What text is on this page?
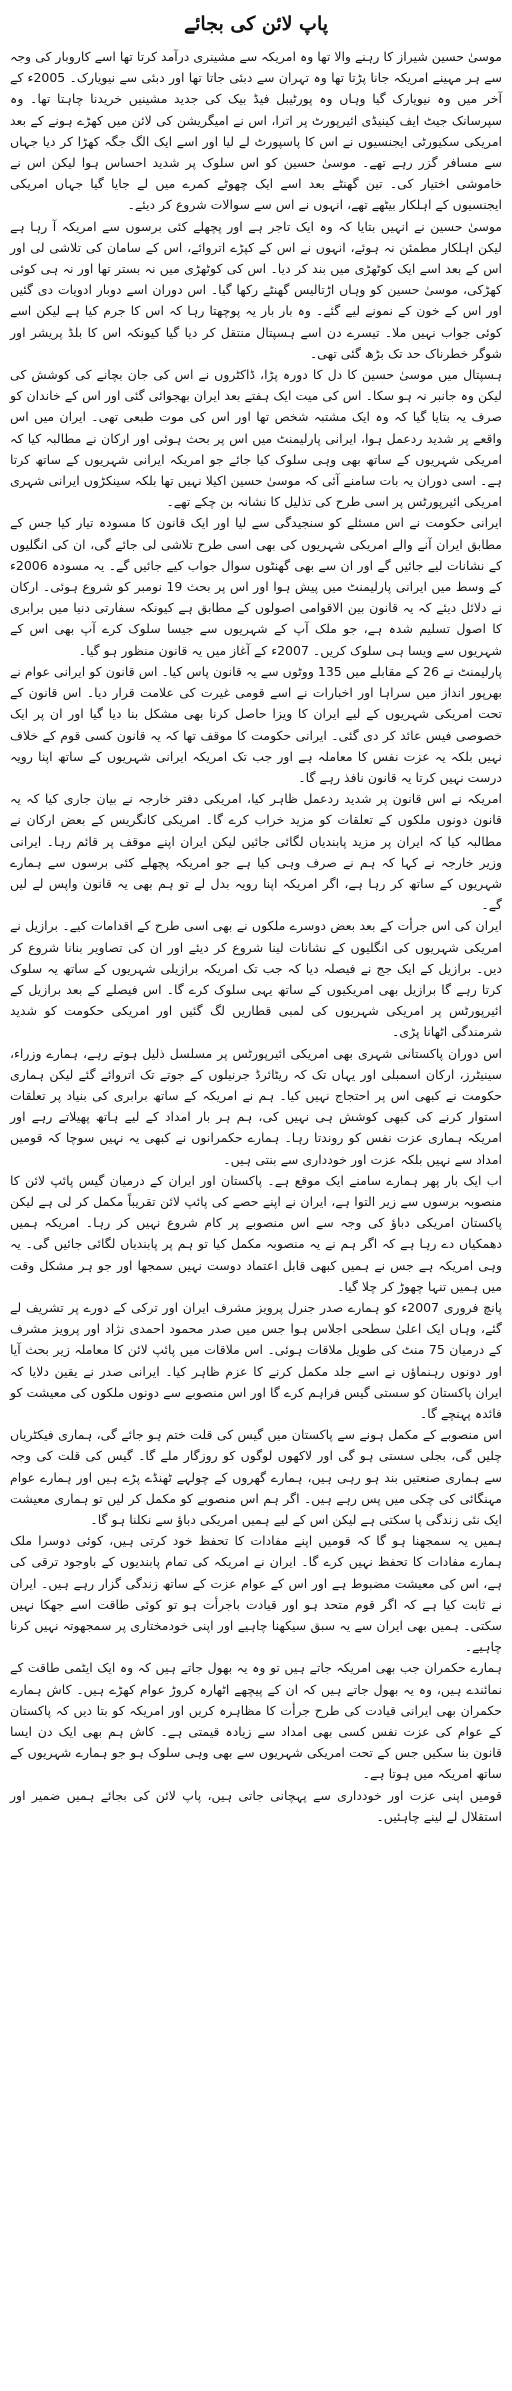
پاپ لائن کی بجائے

موسیٰ حسین شیراز کا رہنے والا تھا وہ امریکہ سے مشینری درآمد کرتا تھا اسے کاروبار کی وجہ سے ہر مہینے امریکہ جانا پڑتا تھا وہ تہران سے دبئی جاتا تھا اور دبئی سے نیویارک۔ 2005ء کے آخر میں وہ نیویارک گیا وہاں وہ پورٹیبل فیڈ بیک کی جدید مشینیں خریدنا چاہتا تھا۔ وہ سپرسانک جیٹ ایف کینیڈی ائیرپورٹ پر اترا، اس نے امیگریشن کی لائن میں کھڑے ہونے کے بعد امریکی سکیورٹی ایجنسیوں نے اس کا پاسپورٹ لے لیا اور اسے ایک الگ جگہ کھڑا کر دیا جہاں سے مسافر گزر رہے تھے۔ موسیٰ حسین کو اس سلوک پر شدید احساس ہوا لیکن اس نے خاموشی اختیار کی۔ تین گھنٹے بعد اسے ایک چھوٹے کمرے میں لے جایا گیا جہاں امریکی ایجنسیوں کے اہلکار بیٹھے تھے، انہوں نے اس سے سوالات شروع کر دیئے۔

موسیٰ حسین نے انہیں بتایا کہ وہ ایک تاجر ہے اور پچھلے کئی برسوں سے امریکہ آ رہا ہے لیکن اہلکار مطمئن نہ ہوئے، انہوں نے اس کے کپڑے اتروائے، اس کے سامان کی تلاشی لی اور اس کے بعد اسے ایک کوٹھڑی میں بند کر دیا۔ اس کی کوٹھڑی میں نہ بستر تھا اور نہ ہی کوئی کھڑکی، موسیٰ حسین کو وہاں اڑتالیس گھنٹے رکھا گیا۔ اس دوران اسے دوبار ادویات دی گئیں اور اس کے خون کے نمونے لیے گئے۔ وہ بار بار یہ پوچھتا رہا کہ اس کا جرم کیا ہے لیکن اسے کوئی جواب نہیں ملا۔ تیسرے دن اسے ہسپتال منتقل کر دیا گیا کیونکہ اس کا بلڈ پریشر اور شوگر خطرناک حد تک بڑھ گئی تھی۔

ہسپتال میں موسیٰ حسین کا دل کا دورہ پڑا، ڈاکٹروں نے اس کی جان بچانے کی کوشش کی لیکن وہ جانبر نہ ہو سکا۔ اس کی میت ایک ہفتے بعد ایران بھجوائی گئی اور اس کے خاندان کو صرف یہ بتایا گیا کہ وہ ایک مشتبہ شخص تھا اور اس کی موت طبعی تھی۔ ایران میں اس واقعے پر شدید ردعمل ہوا، ایرانی پارلیمنٹ میں اس پر بحث ہوئی اور ارکان نے مطالبہ کیا کہ امریکی شہریوں کے ساتھ بھی وہی سلوک کیا جائے جو امریکہ ایرانی شہریوں کے ساتھ کرتا ہے۔ اسی دوران یہ بات سامنے آئی کہ موسیٰ حسین اکیلا نہیں تھا بلکہ سینکڑوں ایرانی شہری امریکی ائیرپورٹس پر اسی طرح کی تذلیل کا نشانہ بن چکے تھے۔

ایرانی حکومت نے اس مسئلے کو سنجیدگی سے لیا اور ایک قانون کا مسودہ تیار کیا جس کے مطابق ایران آنے والے امریکی شہریوں کی بھی اسی طرح تلاشی لی جائے گی، ان کی انگلیوں کے نشانات لیے جائیں گے اور ان سے بھی گھنٹوں سوال جواب کیے جائیں گے۔ یہ مسودہ 2006ء کے وسط میں ایرانی پارلیمنٹ میں پیش ہوا اور اس پر بحث 19 نومبر کو شروع ہوئی۔ ارکان نے دلائل دیئے کہ یہ قانون بین الاقوامی اصولوں کے مطابق ہے کیونکہ سفارتی دنیا میں برابری کا اصول تسلیم شدہ ہے، جو ملک آپ کے شہریوں سے جیسا سلوک کرے آپ بھی اس کے شہریوں سے ویسا ہی سلوک کریں۔ 2007ء کے آغاز میں یہ قانون منظور ہو گیا۔

پارلیمنٹ نے 26 کے مقابلے میں 135 ووٹوں سے یہ قانون پاس کیا۔ اس قانون کو ایرانی عوام نے بھرپور انداز میں سراہا اور اخبارات نے اسے قومی غیرت کی علامت قرار دیا۔ اس قانون کے تحت امریکی شہریوں کے لیے ایران کا ویزا حاصل کرنا بھی مشکل بنا دیا گیا اور ان پر ایک خصوصی فیس عائد کر دی گئی۔ ایرانی حکومت کا موقف تھا کہ یہ قانون کسی قوم کے خلاف نہیں بلکہ یہ عزت نفس کا معاملہ ہے اور جب تک امریکہ ایرانی شہریوں کے ساتھ اپنا رویہ درست نہیں کرتا یہ قانون نافذ رہے گا۔

امریکہ نے اس قانون پر شدید ردعمل ظاہر کیا، امریکی دفتر خارجہ نے بیان جاری کیا کہ یہ قانون دونوں ملکوں کے تعلقات کو مزید خراب کرے گا۔ امریکی کانگریس کے بعض ارکان نے مطالبہ کیا کہ ایران پر مزید پابندیاں لگائی جائیں لیکن ایران اپنے موقف پر قائم رہا۔ ایرانی وزیر خارجہ نے کہا کہ ہم نے صرف وہی کیا ہے جو امریکہ پچھلے کئی برسوں سے ہمارے شہریوں کے ساتھ کر رہا ہے، اگر امریکہ اپنا رویہ بدل لے تو ہم بھی یہ قانون واپس لے لیں گے۔

ایران کی اس جرأت کے بعد بعض دوسرے ملکوں نے بھی اسی طرح کے اقدامات کیے۔ برازیل نے امریکی شہریوں کی انگلیوں کے نشانات لینا شروع کر دیئے اور ان کی تصاویر بنانا شروع کر دیں۔ برازیل کے ایک جج نے فیصلہ دیا کہ جب تک امریکہ برازیلی شہریوں کے ساتھ یہ سلوک کرتا رہے گا برازیل بھی امریکیوں کے ساتھ یہی سلوک کرے گا۔ اس فیصلے کے بعد برازیل کے ائیرپورٹس پر امریکی شہریوں کی لمبی قطاریں لگ گئیں اور امریکی حکومت کو شدید شرمندگی اٹھانا پڑی۔

اس دوران پاکستانی شہری بھی امریکی ائیرپورٹس پر مسلسل ذلیل ہوتے رہے، ہمارے وزراء، سینیٹرز، ارکان اسمبلی اور یہاں تک کہ ریٹائرڈ جرنیلوں کے جوتے تک اتروائے گئے لیکن ہماری حکومت نے کبھی اس پر احتجاج نہیں کیا۔ ہم نے امریکہ کے ساتھ برابری کی بنیاد پر تعلقات استوار کرنے کی کبھی کوشش ہی نہیں کی، ہم ہر بار امداد کے لیے ہاتھ پھیلاتے رہے اور امریکہ ہماری عزت نفس کو روندتا رہا۔ ہمارے حکمرانوں نے کبھی یہ نہیں سوچا کہ قومیں امداد سے نہیں بلکہ عزت اور خودداری سے بنتی ہیں۔

اب ایک بار پھر ہمارے سامنے ایک موقع ہے۔ پاکستان اور ایران کے درمیان گیس پائپ لائن کا منصوبہ برسوں سے زیر التوا ہے، ایران نے اپنے حصے کی پائپ لائن تقریباً مکمل کر لی ہے لیکن پاکستان امریکی دباؤ کی وجہ سے اس منصوبے پر کام شروع نہیں کر رہا۔ امریکہ ہمیں دھمکیاں دے رہا ہے کہ اگر ہم نے یہ منصوبہ مکمل کیا تو ہم پر پابندیاں لگائی جائیں گی۔ یہ وہی امریکہ ہے جس نے ہمیں کبھی قابل اعتماد دوست نہیں سمجھا اور جو ہر مشکل وقت میں ہمیں تنہا چھوڑ کر چلا گیا۔

پانچ فروری 2007ء کو ہمارے صدر جنرل پرویز مشرف ایران اور ترکی کے دورے پر تشریف لے گئے، وہاں ایک اعلیٰ سطحی اجلاس ہوا جس میں صدر محمود احمدی نژاد اور پرویز مشرف کے درمیان 75 منٹ کی طویل ملاقات ہوئی۔ اس ملاقات میں پائپ لائن کا معاملہ زیر بحث آیا اور دونوں رہنماؤں نے اسے جلد مکمل کرنے کا عزم ظاہر کیا۔ ایرانی صدر نے یقین دلایا کہ ایران پاکستان کو سستی گیس فراہم کرے گا اور اس منصوبے سے دونوں ملکوں کی معیشت کو فائدہ پہنچے گا۔

اس منصوبے کے مکمل ہونے سے پاکستان میں گیس کی قلت ختم ہو جائے گی، ہماری فیکٹریاں چلیں گی، بجلی سستی ہو گی اور لاکھوں لوگوں کو روزگار ملے گا۔ گیس کی قلت کی وجہ سے ہماری صنعتیں بند ہو رہی ہیں، ہمارے گھروں کے چولہے ٹھنڈے پڑے ہیں اور ہمارے عوام مہنگائی کی چکی میں پس رہے ہیں۔ اگر ہم اس منصوبے کو مکمل کر لیں تو ہماری معیشت ایک نئی زندگی پا سکتی ہے لیکن اس کے لیے ہمیں امریکی دباؤ سے نکلنا ہو گا۔

ہمیں یہ سمجھنا ہو گا کہ قومیں اپنے مفادات کا تحفظ خود کرتی ہیں، کوئی دوسرا ملک ہمارے مفادات کا تحفظ نہیں کرے گا۔ ایران نے امریکہ کی تمام پابندیوں کے باوجود ترقی کی ہے، اس کی معیشت مضبوط ہے اور اس کے عوام عزت کے ساتھ زندگی گزار رہے ہیں۔ ایران نے ثابت کیا ہے کہ اگر قوم متحد ہو اور قیادت باجرأت ہو تو کوئی طاقت اسے جھکا نہیں سکتی۔ ہمیں بھی ایران سے یہ سبق سیکھنا چاہیے اور اپنی خودمختاری پر سمجھوتہ نہیں کرنا چاہیے۔

ہمارے حکمران جب بھی امریکہ جاتے ہیں تو وہ یہ بھول جاتے ہیں کہ وہ ایک ایٹمی طاقت کے نمائندے ہیں، وہ یہ بھول جاتے ہیں کہ ان کے پیچھے اٹھارہ کروڑ عوام کھڑے ہیں۔ کاش ہمارے حکمران بھی ایرانی قیادت کی طرح جرأت کا مظاہرہ کریں اور امریکہ کو بتا دیں کہ پاکستان کے عوام کی عزت نفس کسی بھی امداد سے زیادہ قیمتی ہے۔ کاش ہم بھی ایک دن ایسا قانون بنا سکیں جس کے تحت امریکی شہریوں سے بھی وہی سلوک ہو جو ہمارے شہریوں کے ساتھ امریکہ میں ہوتا ہے۔

قومیں اپنی عزت اور خودداری سے پہچانی جاتی ہیں، پاپ لائن کی بجائے ہمیں ضمیر اور استقلال لے لینے چاہئیں۔
